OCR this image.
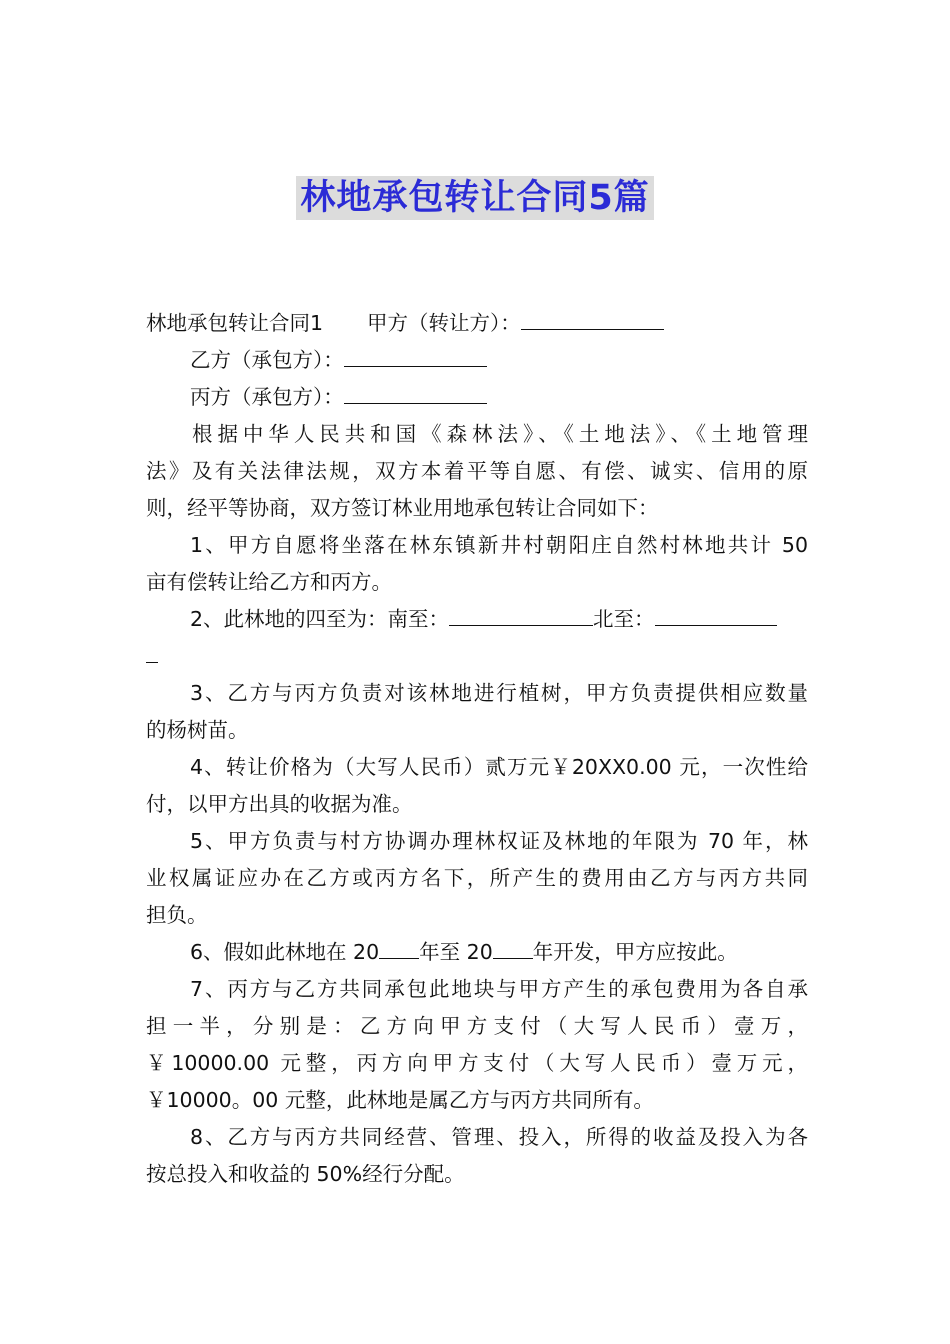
林地承包转让合同5篇
林地承包转让合同1 甲方（转让方）：
乙方（承包方）：
丙方（承包方）：
根据中华人民共和国《森林法》、《土地法》、《土地管理
法》及有关法律法规，双方本着平等自愿、有偿、诚实、信用的原
则，经平等协商，双方签订林业用地承包转让合同如下：
1、甲方自愿将坐落在林东镇新井村朝阳庄自然村林地共计 50
亩有偿转让给乙方和丙方。
2、此林地的四至为：南至：	北至：
3、乙方与丙方负责对该林地进行植树，甲方负责提供相应数量
的杨树苗。
4、转让价格为（大写人民币）贰万元￥20XX0.00 元，一次性给
付，以甲方出具的收据为准。
5、甲方负责与村方协调办理林权证及林地的年限为 70 年，林
业权属证应办在乙方或丙方名下，所产生的费用由乙方与丙方共同
担负。
6、假如此林地在 20 年至 20 年开发，甲方应按此。
7、丙方与乙方共同承包此地块与甲方产生的承包费用为各自承
担一半，分别是：乙方向甲方支付（大写人民币）壹万，
￥10000.00 元整，丙方向甲方支付（大写人民币）壹万元，
￥10000。00 元整，此林地是属乙方与丙方共同所有。
8、乙方与丙方共同经营、管理、投入，所得的收益及投入为各
按总投入和收益的 50%经行分配。
